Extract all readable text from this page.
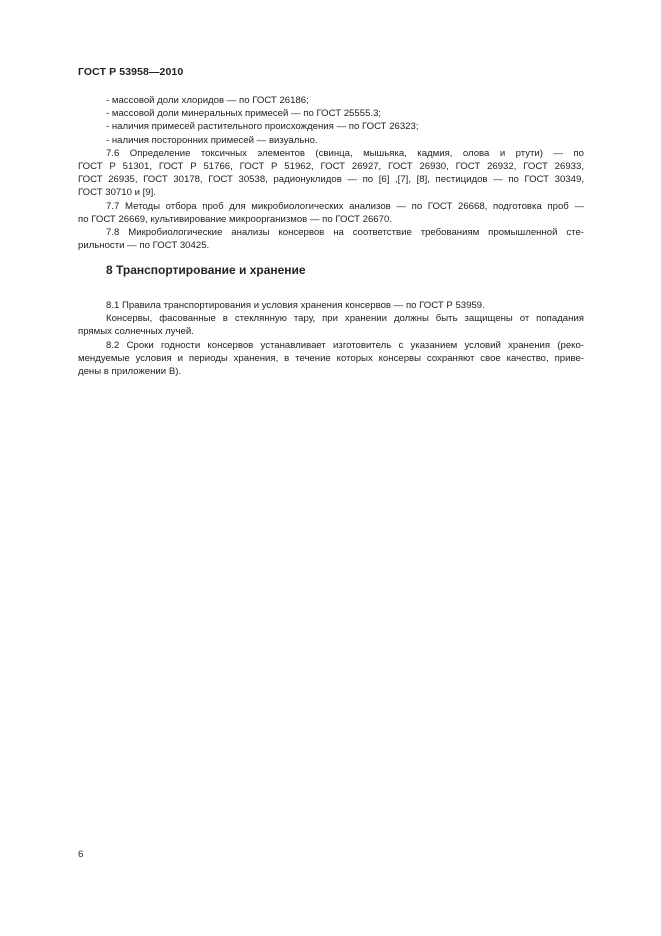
ГОСТ Р 53958—2010
- массовой доли хлоридов — по ГОСТ 26186;
- массовой доли минеральных примесей — по ГОСТ 25555.3;
- наличия примесей растительного происхождения — по ГОСТ 26323;
- наличия посторонних примесей — визуально.
7.6 Определение токсичных элементов (свинца, мышьяка, кадмия, олова и ртути) — по
ГОСТ Р 51301, ГОСТ Р 51766, ГОСТ Р 51962, ГОСТ 26927, ГОСТ 26930, ГОСТ 26932, ГОСТ 26933,
ГОСТ 26935, ГОСТ 30178, ГОСТ 30538, радионуклидов — по [6] ,[7], [8], пестицидов — по ГОСТ 30349,
ГОСТ 30710 и [9].
7.7 Методы отбора проб для микробиологических анализов — по ГОСТ 26668, подготовка проб —
по ГОСТ 26669, культивирование микроорганизмов — по ГОСТ 26670.
7.8 Микробиологические анализы консервов на соответствие требованиям промышленной сте-
рильности — по ГОСТ 30425.
8 Транспортирование и хранение
8.1 Правила транспортирования и условия хранения консервов — по ГОСТ Р 53959.
Консервы, фасованные в стеклянную тару, при хранении должны быть защищены от попадания
прямых солнечных лучей.
8.2 Сроки годности консервов устанавливает изготовитель с указанием условий хранения (реко-
мендуемые условия и периоды хранения, в течение которых консервы сохраняют свое качество, приве-
дены в приложении В).
6
